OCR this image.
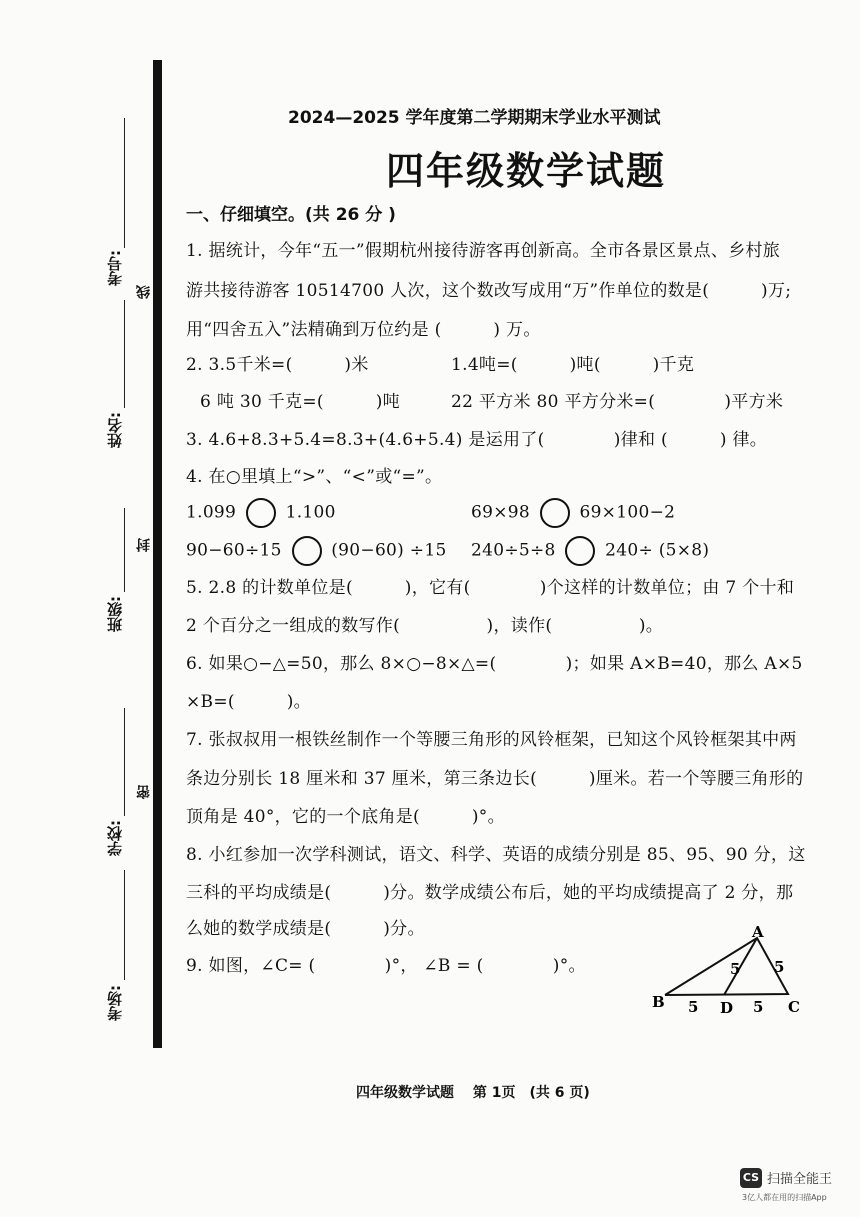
考号:
姓名:
班级:
学校:
考场:
线
封
密
2024—2025 学年度第二学期期末学业水平测试
四年级数学试题
一、仔细填空。(共 26 分 )
1. 据统计，今年“五一”假期杭州接待游客再创新高。全市各景区景点、乡村旅
游共接待游客 10514700 人次，这个数改写成用“万”作单位的数是(　　　)万;
用“四舍五入”法精确到万位约是 (　　　) 万。
2. 3.5千米=(　　　)米	1.4吨=(　　　)吨(　　　)千克
6 吨 30 千克=(　　　)吨	22 平方米 80 平方分米=(　　　　)平方米
3. 4.6+8.3+5.4=8.3+(4.6+5.4) 是运用了(　　　　)律和 (　　　) 律。
4. 在○里填上“>”、“<”或“=”。
1.099	1.100	69×98	69×100−2
90−60÷15	(90−60) ÷15 240÷5÷8	240÷ (5×8)
5. 2.8 的计数单位是(　　　)，它有(　　　　)个这样的计数单位；由 7 个十和
2 个百分之一组成的数写作(　　　　　)，读作(　　　　　)。
6. 如果○−△=50，那么 8×○−8×△=(　　　　)；如果 A×B=40，那么 A×5
×B=(　　　)。
7. 张叔叔用一根铁丝制作一个等腰三角形的风铃框架，已知这个风铃框架其中两
条边分别长 18 厘米和 37 厘米，第三条边长(　　　)厘米。若一个等腰三角形的
顶角是 40°，它的一个底角是(　　　)°。
8. 小红参加一次学科测试，语文、科学、英语的成绩分别是 85、95、90 分，这
三科的平均成绩是(　　　)分。数学成绩公布后，她的平均成绩提高了 2 分，那
么她的数学成绩是(　　　)分。
9. 如图，∠C= (　　　　)°， ∠B = (　　　　)°。
A
B	C
D
5 5
5	5
四年级数学试题　 第 1页　(共 6 页)
CS 扫描全能王
3亿人都在用的扫描App
